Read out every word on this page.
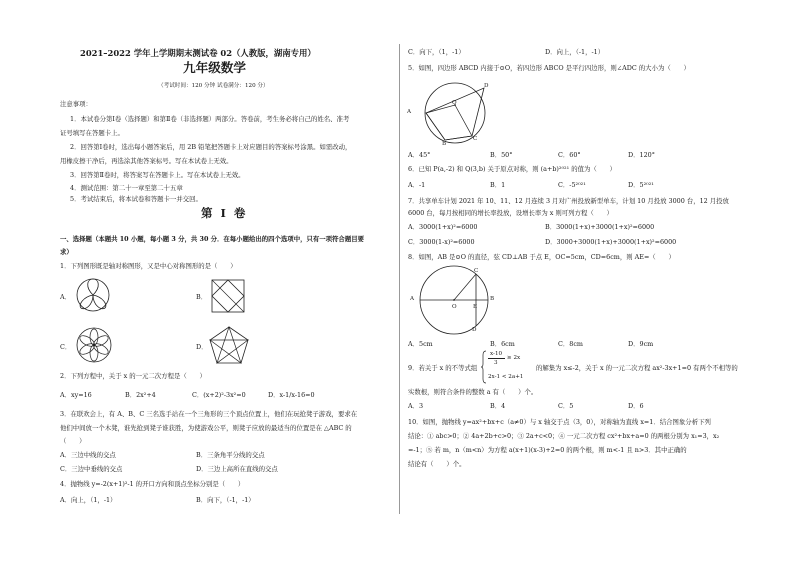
2021–2022 学年上学期期末测试卷 02（人教版，湖南专用）
九年级数学
（考试时间：120 分钟 试卷满分：120 分）
注意事项：
1．本试卷分第Ⅰ卷（选择题）和第Ⅱ卷（非选择题）两部分。答卷前，考生务必将自己的姓名、准考
证号填写在答题卡上。
2．回答第Ⅰ卷时，选出每小题答案后，用 2B 铅笔把答题卡上对应题目的答案标号涂黑。如需改动，
用橡皮擦干净后，再选涂其他答案标号。写在本试卷上无效。
3．回答第Ⅱ卷时，将答案写在答题卡上。写在本试卷上无效。
4．测试范围：第二十一章至第二十五章
5．考试结束后，将本试卷和答题卡一并交回。
第 Ⅰ 卷
一、选择题（本题共 10 小题，每小题 3 分，共 30 分．在每小题给出的四个选项中，只有一项符合题目要
求）
1．下列图形既是轴对称图形，又是中心对称图形的是（　　）
A．	B．
C．	D．
2．下列方程中，关于 x 的一元二次方程是（　　）
A．xy=16	B．2x²+4	C．(x+2)²-3x²=0	D．x-1/x-16=0
3．在联欢会上，有 A、B、C 三名选手站在一个三角形的三个顶点位置上，他们在玩抢凳子游戏，要求在
他们中间放一个木凳，谁先抢到凳子谁获胜，为使游戏公平，则凳子应放的最适当的位置是在 △ABC 的
（　　）
A．三边中线的交点	B．三条角平分线的交点
C．三边中垂线的交点	D．三边上高所在直线的交点
4．抛物线 y=-2(x+1)²-1 的开口方向和顶点坐标分别是（　　）
A．向上，（1，-1）	B．向下，（-1，-1）
C．向下，（1，-1）	D．向上，（-1，-1）
5．如图，四边形 ABCD 内接于⊙O，若四边形 ABCO 是平行四边形，则∠ADC 的大小为（　　）
A
B
C
D
O
A．45°	B．50°	C．60°	D．120°
6．已知 P(a,-2) 和 Q(3,b) 关于原点对称，则 (a+b)²⁰²¹ 的值为（　　）
A．-1	B．1	C．-5²⁰²¹	D．5²⁰²¹
7．共享单车计划 2021 年 10、11、12 月连续 3 月对广州投放新型单车，计划 10 月投放 3000 台，12 月投放
6000 台，每月按相同的增长率投放，设增长率为 x 则可列方程（　　）
A．3000(1+x)²=6000	B．3000(1+x)+3000(1+x)²=6000
C．3000(1-x)²=6000	D．3000+3000(1+x)+3000(1+x)²=6000
8．如图，AB 是⊙O 的直径，弦 CD⊥AB 于点 E，OC=5cm，CD=6cm，则 AE=（　　）
A	B
C
D
O	E
A．5cm	B．6cm	C．8cm	D．9cm
9．若关于 x 的不等式组
x-10
3
≥ 2x
2x-1 < 2a+1
的解集为 x≤-2，关于 x 的一元二次方程 ax²-3x+1=0 有两个不相等的
实数根，则符合条件的整数 a 有（　　）个。
A．3	B．4	C．5	D．6
10．如图，抛物线 y=ax²+bx+c（a≠0）与 x 轴交于点（3，0），对称轴为直线 x=1．结合图象分析下列
结论：① abc>0；② 4a+2b+c>0；③ 2a+c<0；④ 一元二次方程 cx²+bx+a=0 的两根分别为 x₁=3，x₂
=-1；⑤ 若 m，n（m<n）为方程 a(x+1)(x-3)+2=0 的两个根，则 m<-1 且 n>3．其中正确的
结论有（　　）个。
